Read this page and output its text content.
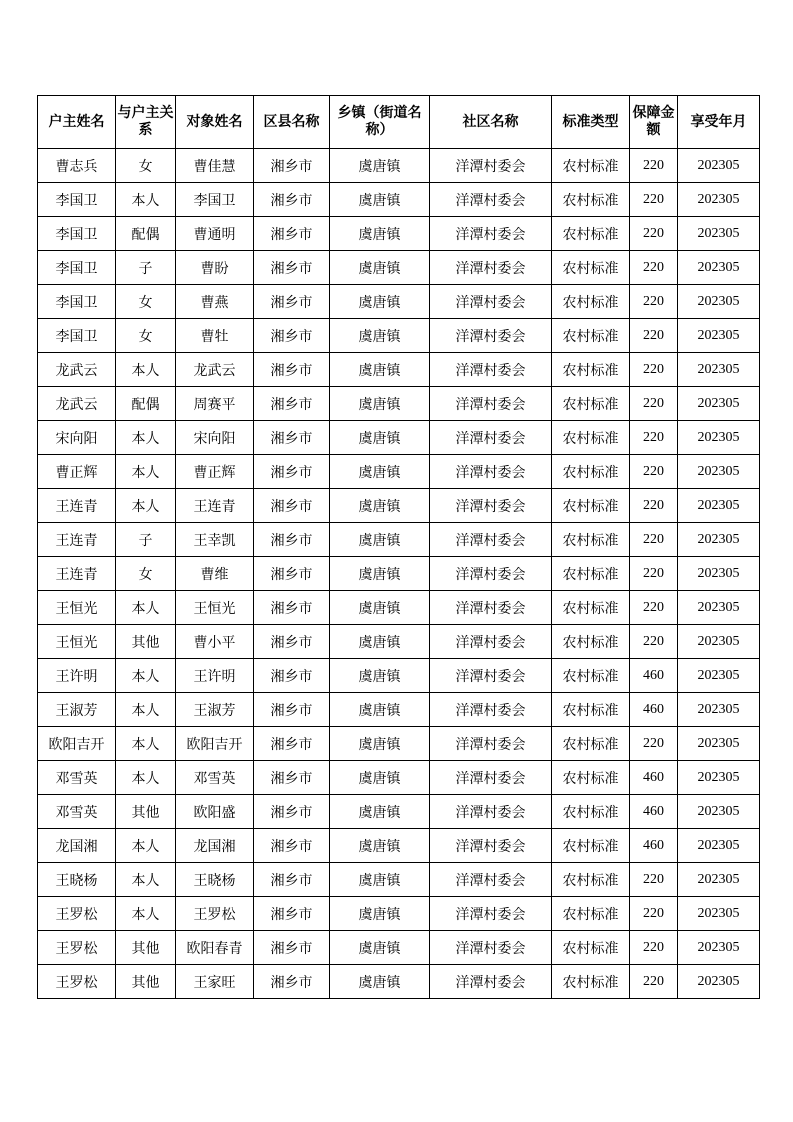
户主姓名	与户主关系	对象姓名	区县名称	乡镇（街道名称）	社区名称	标准类型	保障金额	享受年月
曹志兵	女	曹佳慧	湘乡市	虞唐镇	洋潭村委会	农村标准	220	202305
李国卫	本人	李国卫	湘乡市	虞唐镇	洋潭村委会	农村标准	220	202305
李国卫	配偶	曹通明	湘乡市	虞唐镇	洋潭村委会	农村标准	220	202305
李国卫	子	曹盼	湘乡市	虞唐镇	洋潭村委会	农村标准	220	202305
李国卫	女	曹燕	湘乡市	虞唐镇	洋潭村委会	农村标准	220	202305
李国卫	女	曹牡	湘乡市	虞唐镇	洋潭村委会	农村标准	220	202305
龙武云	本人	龙武云	湘乡市	虞唐镇	洋潭村委会	农村标准	220	202305
龙武云	配偶	周赛平	湘乡市	虞唐镇	洋潭村委会	农村标准	220	202305
宋向阳	本人	宋向阳	湘乡市	虞唐镇	洋潭村委会	农村标准	220	202305
曹正辉	本人	曹正辉	湘乡市	虞唐镇	洋潭村委会	农村标准	220	202305
王连青	本人	王连青	湘乡市	虞唐镇	洋潭村委会	农村标准	220	202305
王连青	子	王幸凯	湘乡市	虞唐镇	洋潭村委会	农村标准	220	202305
王连青	女	曹维	湘乡市	虞唐镇	洋潭村委会	农村标准	220	202305
王恒光	本人	王恒光	湘乡市	虞唐镇	洋潭村委会	农村标准	220	202305
王恒光	其他	曹小平	湘乡市	虞唐镇	洋潭村委会	农村标准	220	202305
王许明	本人	王许明	湘乡市	虞唐镇	洋潭村委会	农村标准	460	202305
王淑芳	本人	王淑芳	湘乡市	虞唐镇	洋潭村委会	农村标准	460	202305
欧阳吉开	本人	欧阳吉开	湘乡市	虞唐镇	洋潭村委会	农村标准	220	202305
邓雪英	本人	邓雪英	湘乡市	虞唐镇	洋潭村委会	农村标准	460	202305
邓雪英	其他	欧阳盛	湘乡市	虞唐镇	洋潭村委会	农村标准	460	202305
龙国湘	本人	龙国湘	湘乡市	虞唐镇	洋潭村委会	农村标准	460	202305
王晓杨	本人	王晓杨	湘乡市	虞唐镇	洋潭村委会	农村标准	220	202305
王罗松	本人	王罗松	湘乡市	虞唐镇	洋潭村委会	农村标准	220	202305
王罗松	其他	欧阳春青	湘乡市	虞唐镇	洋潭村委会	农村标准	220	202305
王罗松	其他	王家旺	湘乡市	虞唐镇	洋潭村委会	农村标准	220	202305
